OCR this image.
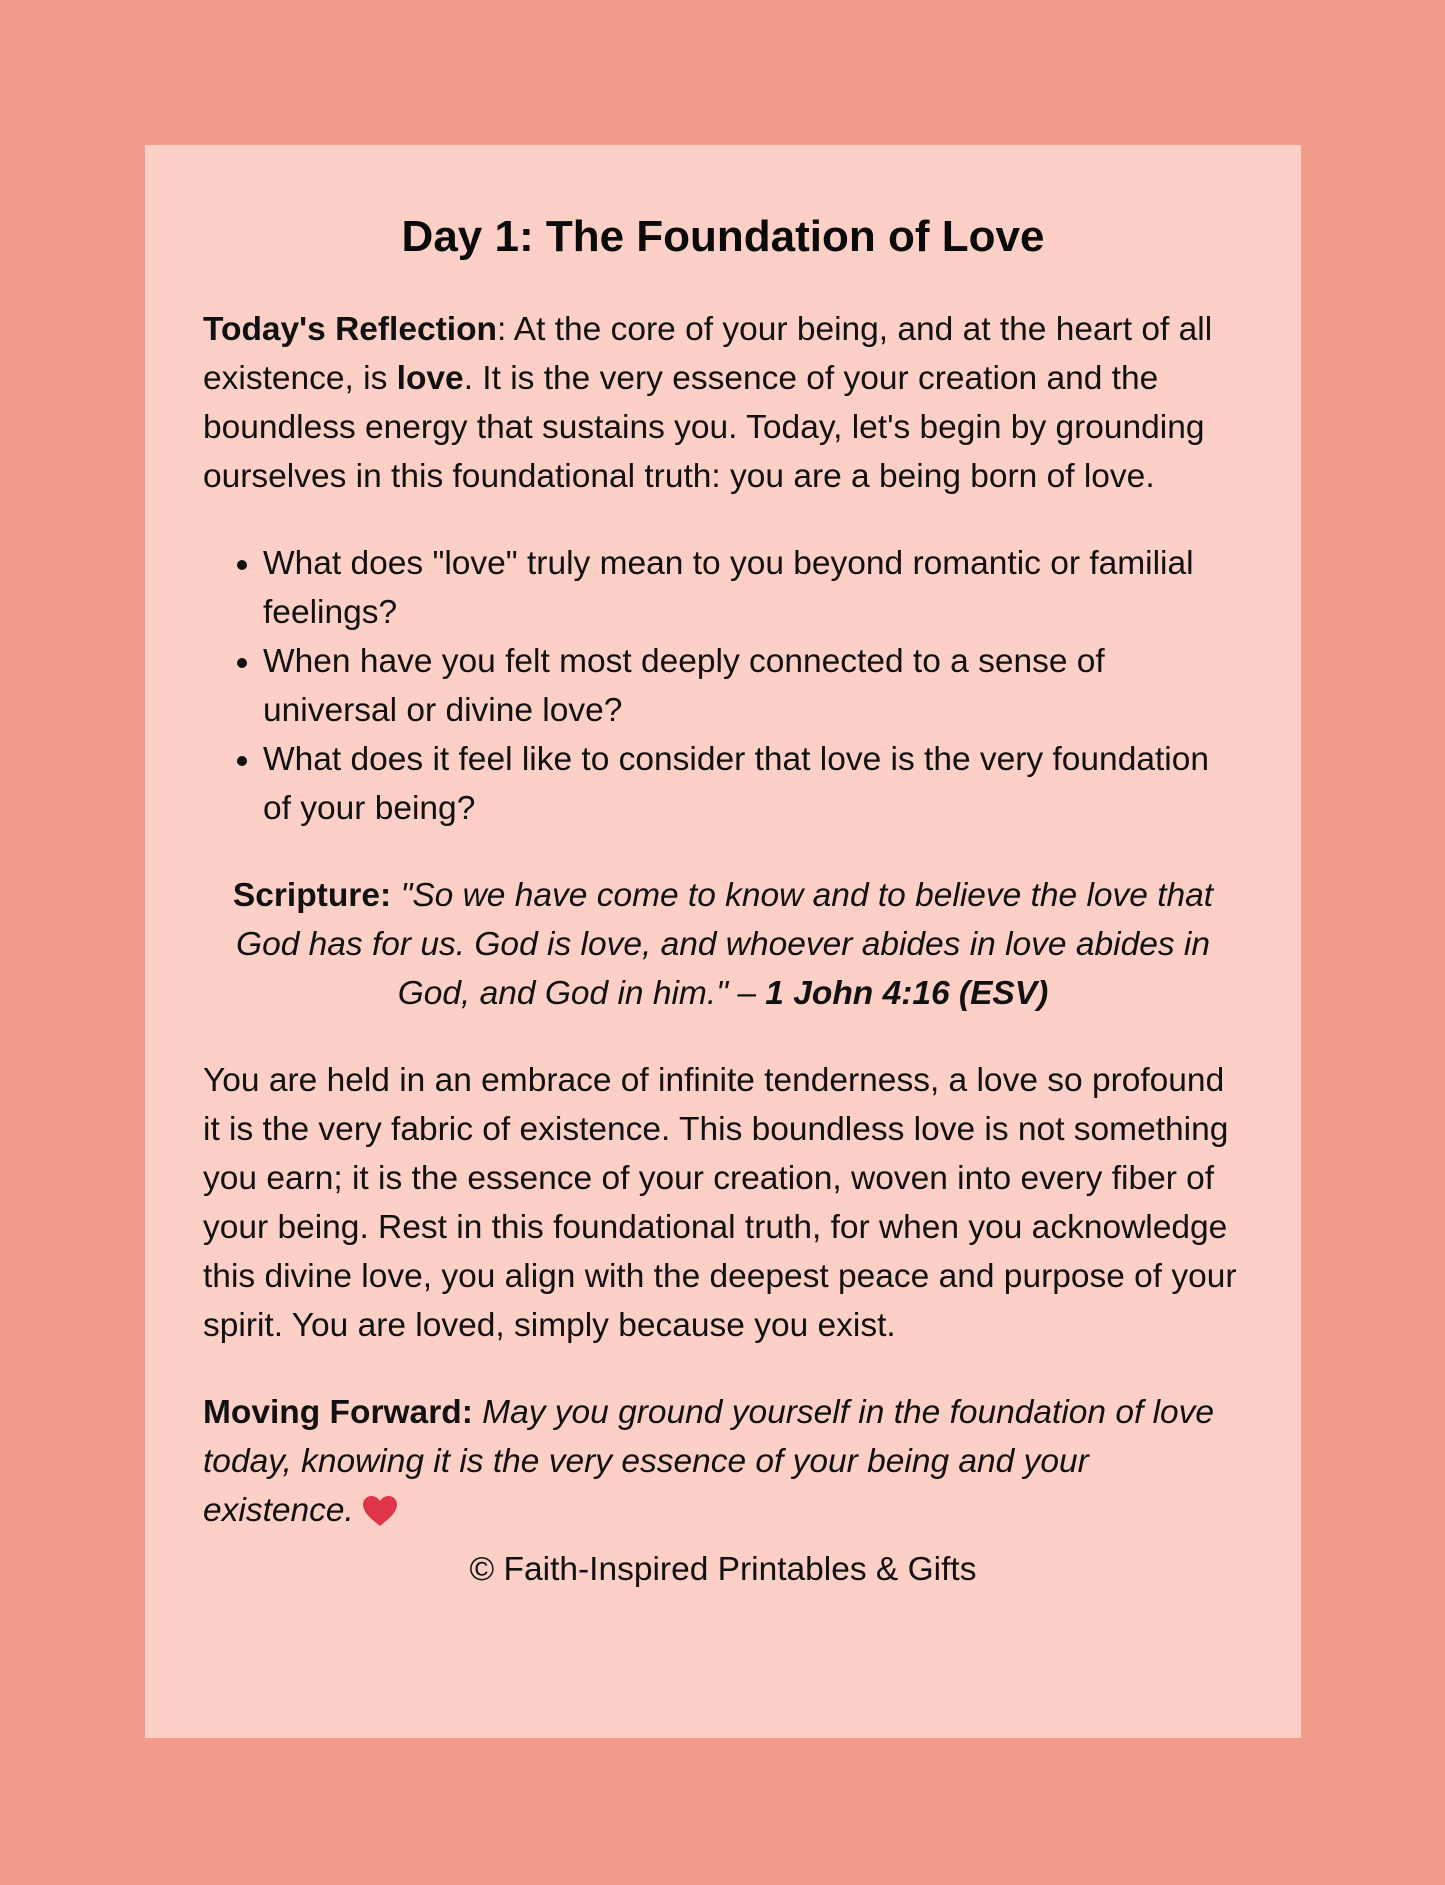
Day 1: The Foundation of Love

Today's Reflection: At the core of your being, and at the heart of all existence, is love. It is the very essence of your creation and the boundless energy that sustains you. Today, let's begin by grounding ourselves in this foundational truth: you are a being born of love.

• What does "love" truly mean to you beyond romantic or familial feelings?
• When have you felt most deeply connected to a sense of universal or divine love?
• What does it feel like to consider that love is the very foundation of your being?

Scripture: "So we have come to know and to believe the love that God has for us. God is love, and whoever abides in love abides in God, and God in him." – 1 John 4:16 (ESV)

You are held in an embrace of infinite tenderness, a love so profound it is the very fabric of existence. This boundless love is not something you earn; it is the essence of your creation, woven into every fiber of your being. Rest in this foundational truth, for when you acknowledge this divine love, you align with the deepest peace and purpose of your spirit. You are loved, simply because you exist.

Moving Forward: May you ground yourself in the foundation of love today, knowing it is the very essence of your being and your existence.

© Faith-Inspired Printables & Gifts
